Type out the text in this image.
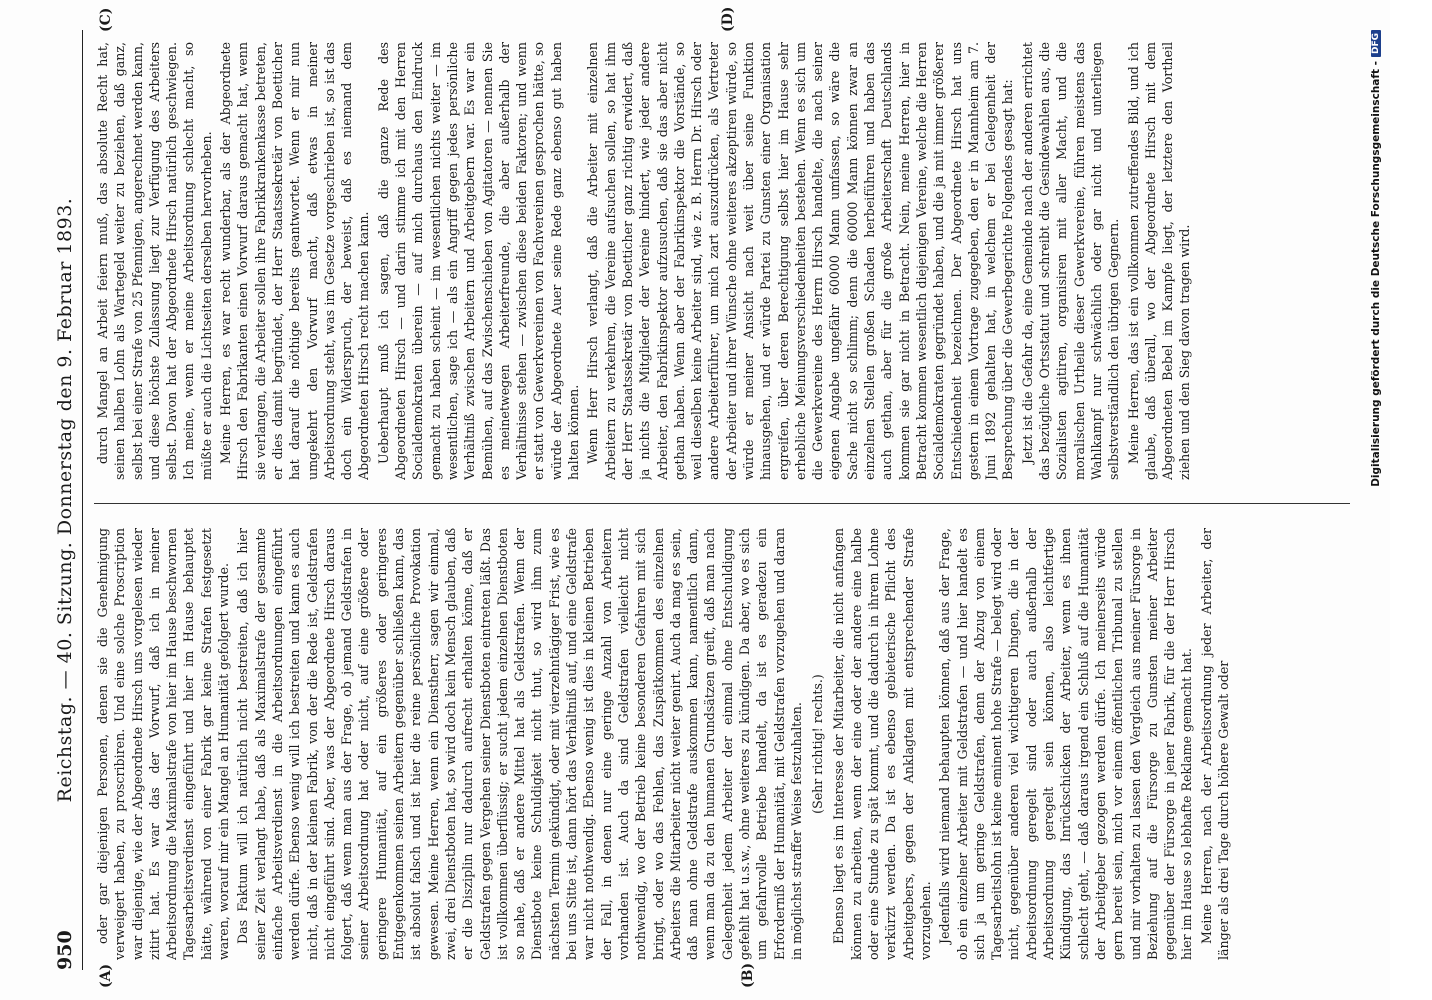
950
Reichstag. — 40. Sitzung. Donnerstag den 9. Februar 1893.
(A)	(B)
(C)	(D)

oder gar diejenigen Personen, denen sie die Genehmigung verweigert haben, zu proscribiren. Und eine solche Proscription war diejenige, wie der Abgeordnete Hirsch uns vorgelesen wieder zitirt hat. Es war das der Vorwurf, daß ich in meiner Arbeitsordnung die Maximalstrafe von hier im Hause beschwornen Tagesarbeitsverdienst eingeführt und hier im Hause behauptet hätte, während von einer Fabrik gar keine Strafen festgesetzt waren, worauf mir ein Mangel an Humanität gefolgert wurde. Das Faktum will ich natürlich nicht bestreiten, daß ich hier seiner Zeit verlangt habe, daß als Maximalstrafe der gesammte einfache Arbeitsverdienst in die Arbeitsordnungen eingeführt werden dürfe. Ebenso wenig will ich bestreiten und kann es auch nicht, daß in der kleinen Fabrik, von der die Rede ist, Geldstrafen nicht eingeführt sind. Aber, was der Abgeordnete Hirsch daraus folgert, daß wenn man aus der Frage, ob jemand Geldstrafen in seiner Arbeitsordnung hat oder nicht, auf eine größere oder geringere Humanität, auf ein größeres oder geringeres Entgegenkommen seinen Arbeitern gegenüber schließen kann, das ist absolut falsch und ist hier die reine persönliche Provokation gewesen. Meine Herren, wenn ein Dienstherr, sagen wir einmal, zwei, drei Dienstboten hat, so wird doch kein Mensch glauben, daß er die Disziplin nur dadurch aufrecht erhalten könne, daß er Geldstrafen gegen Vergehen seiner Dienstboten eintreten läßt. Das ist vollkommen überflüssig; er sucht jedem einzelnen Dienstboten so nahe, daß er andere Mittel hat als Geldstrafen. Wenn der Dienstbote keine Schuldigkeit nicht thut, so wird ihm zum nächsten Termin gekündigt, oder mit vierzehntägiger Frist, wie es bei uns Sitte ist, dann hört das Verhältniß auf, und eine Geldstrafe war nicht nothwendig. Ebenso wenig ist dies in kleinen Betrieben der Fall, in denen nur eine geringe Anzahl von Arbeitern vorhanden ist. Auch da sind Geldstrafen vielleicht nicht nothwendig, wo der Betrieb keine besonderen Gefahren mit sich bringt, oder wo das Fehlen, das Zuspätkommen des einzelnen Arbeiters die Mitarbeiter nicht weiter genirt. Auch da mag es sein, daß man ohne Geldstrafe auskommen kann, namentlich dann, wenn man da zu den humanen Grundsätzen greift, daß man nach Gelegenheit jedem Arbeiter der einmal ohne Entschuldigung gefehlt hat u.s.w., ohne weiteres zu kündigen. Da aber, wo es sich um gefahrvolle Betriebe handelt, da ist es geradezu ein Erforderniß der Humanität, mit Geldstrafen vorzugehen und daran in möglichst straffer Weise festzuhalten. (Sehr richtig! rechts.) Ebenso liegt es im Interesse der Mitarbeiter, die nicht anfangen können zu arbeiten, wenn der eine oder der andere eine halbe oder eine Stunde zu spät kommt, und die dadurch in ihrem Lohne verkürzt werden. Da ist es ebenso gebieterische Pflicht des Arbeitgebers, gegen der Anklagten mit entsprechender Strafe vorzugehen. Jedenfalls wird niemand behaupten können, daß aus der Frage, ob ein einzelner Arbeiter mit Geldstrafen — und hier handelt es sich ja um geringe Geldstrafen, denn der Abzug von einem Tagesarbeitslohn ist keine eminent hohe Strafe — belegt wird oder nicht, gegenüber anderen viel wichtigeren Dingen, die in der Arbeitsordnung geregelt sind oder auch außerhalb der Arbeitsordnung geregelt sein können, also leichtfertige Kündigung, das Inrückschicken der Arbeiter, wenn es ihnen schlecht geht, — daß daraus irgend ein Schluß auf die Humanität der Arbeitgeber gezogen werden dürfe. Ich meinerseits würde gern bereit sein, mich vor einem öffentlichen Tribunal zu stellen und mir vorhalten zu lassen den Vergleich aus meiner Fürsorge in Beziehung auf die Fürsorge zu Gunsten meiner Arbeiter gegenüber der Fürsorge in jener Fabrik, für die der Herr Hirsch hier im Hause so lebhafte Reklame gemacht hat. Meine Herren, nach der Arbeitsordnung jeder Arbeiter, der länger als drei Tage durch höhere Gewalt oder

durch Mangel an Arbeit feiern muß, das absolute Recht hat, seinen halben Lohn als Wartegeld weiter zu beziehen, daß ganz, selbst bei einer Strafe von 25 Pfennigen, angerechnet werden kann, und diese höchste Zulassung liegt zur Verfügung des Arbeiters selbst. Davon hat der Abgeordnete Hirsch natürlich geschwiegen. Ich meine, wenn er meine Arbeitsordnung schlecht macht, so müßte er auch die Lichtseiten derselben hervorheben. Meine Herren, es war recht wunderbar, als der Abgeordnete Hirsch den Fabrikanten einen Vorwurf daraus gemacht hat, wenn sie verlangen, die Arbeiter sollen ihre Fabrikkrankenkasse betreten, er dies damit begründet, der Herr Staatssekretär von Boetticher hat darauf die nöthige bereits geantwortet. Wenn er mir nun umgekehrt den Vorwurf macht, daß etwas in meiner Arbeitsordnung steht, was im Gesetze vorgeschrieben ist, so ist das doch ein Widerspruch, der beweist, daß es niemand dem Abgeordneten Hirsch recht machen kann. Ueberhaupt muß ich sagen, daß die ganze Rede des Abgeordneten Hirsch — und darin stimme ich mit den Herren Socialdemokraten überein — auf mich durchaus den Eindruck gemacht zu haben scheint — im wesentlichen nichts weiter — im wesentlichen, sage ich — als ein Angriff gegen jedes persönliche Verhältniß zwischen Arbeitern und Arbeitgebern war. Es war ein Bemühen, auf das Zwischenschieben von Agitatoren — nennen Sie es meinetwegen Arbeiterfreunde, die aber außerhalb der Verhältnisse stehen — zwischen diese beiden Faktoren; und wenn er statt von Gewerkvereinen von Fachvereinen gesprochen hätte, so würde der Abgeordnete Auer seine Rede ganz ebenso gut haben halten können. Wenn Herr Hirsch verlangt, daß die Arbeiter mit einzelnen Arbeitern zu verkehren, die Vereine aufsuchen sollen, so hat ihm der Herr Staatssekretär von Boetticher ganz richtig erwidert, daß ja nichts die Mitglieder der Vereine hindert, wie jeder andere Arbeiter, den Fabrikinspektor aufzusuchen, daß sie das aber nicht gethan haben. Wenn aber der Fabrikinspektor die Vorstände, so weil dieselben keine Arbeiter sind, wie z. B. Herrn Dr. Hirsch oder andere Arbeiterführer, um mich zart auszudrücken, als Vertreter der Arbeiter und ihrer Wünsche ohne weiteres akzeptiren würde, so würde er meiner Ansicht nach weit über seine Funktion hinausgehen, und er würde Partei zu Gunsten einer Organisation ergreifen, über deren Berechtigung selbst hier im Hause sehr erhebliche Meinungsverschiedenheiten bestehen. Wenn es sich um die Gewerkvereine des Herrn Hirsch handelte, die nach seiner eigenen Angabe ungefähr 60000 Mann umfassen, so wäre die Sache nicht so schlimm; denn die 60000 Mann können zwar an einzelnen Stellen großen Schaden herbeiführen und haben das auch gethan, aber für die große Arbeiterschaft Deutschlands kommen sie gar nicht in Betracht. Nein, meine Herren, hier in Betracht kommen wesentlich diejenigen Vereine, welche die Herren Socialdemokraten gegründet haben, und die ja mit immer größerer Entschiedenheit bezeichnen. Der Abgeordnete Hirsch hat uns gestern in einem Vortrage zugegeben, den er in Mannheim am 7. Juni 1892 gehalten hat, in welchem er bei Gelegenheit der Besprechung über die Gewerbegerichte Folgendes gesagt hat: Jetzt ist die Gefahr da, eine Gemeinde nach der anderen errichtet das bezügliche Ortsstatut und schreibt die Gesindewahlen aus, die Sozialisten agitiren, organisiren mit aller Macht, und die moralischen Urtheile dieser Gewerkvereine, führen meistens das Wahlkampf nur schwächlich oder gar nicht und unterliegen selbstverständlich den übrigen Gegnern. Meine Herren, das ist ein vollkommen zutreffendes Bild, und ich glaube, daß überall, wo der Abgeordnete Hirsch mit dem Abgeordneten Bebel im Kampfe liegt, der letztere den Vortheil ziehen und den Sieg davon tragen wird.	Digitalisierung gefördert durch die Deutsche Forschungsgemeinschaft -DFG
